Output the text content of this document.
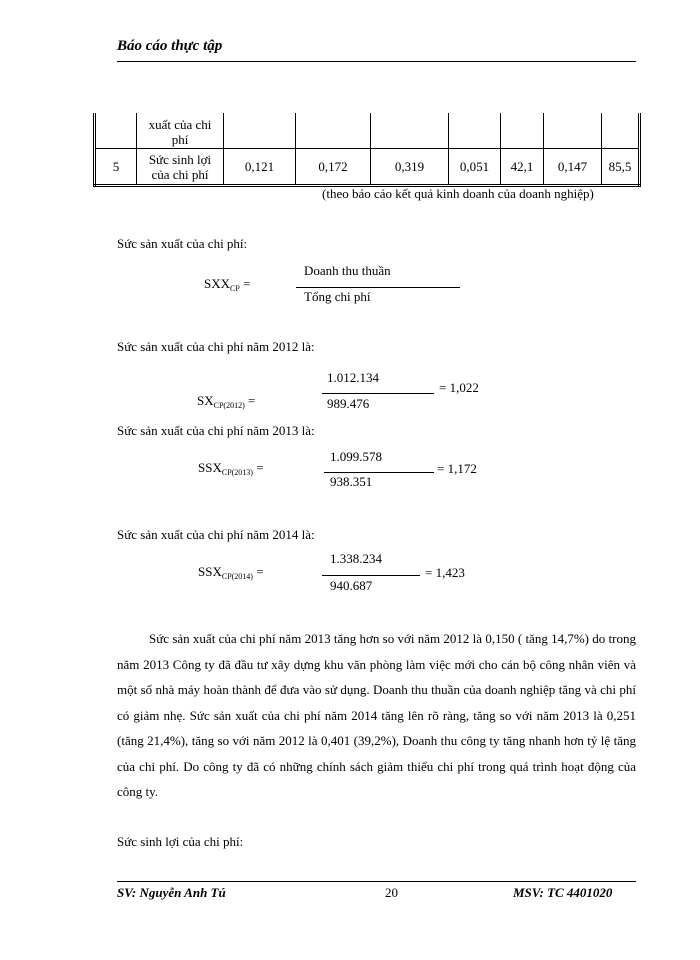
Báo cáo thực tập
	xuất của chi phí							
5	Sức sinh lợi của chi phí	0,121	0,172	0,319	0,051	42,1	0,147	85,5
(theo báo cáo kết quả kinh doanh của doanh nghiệp)
Sức sản xuất của chi phí:
$SXX_{CP}$ =
Doanh thu thuần
Tổng chi phí
Sức sản xuất của chi phí năm 2012 là:
1.012.134
= 1,022
$SX_{CP(2012)}$ =	989.476
Sức sản xuất của chi phí năm 2013 là:
1.099.578
= 1,172
$SSX_{CP(2013)}$ =
938.351
Sức sản xuất của chi phí năm 2014 là:
1.338.234
= 1,423
$SSX_{CP(2014)}$ =
940.687
Sức sản xuất của chi phí năm 2013 tăng hơn so với năm 2012 là 0,150 ( tăng 14,7%) do trong năm 2013 Công ty đã đầu tư xây dựng khu văn phòng làm việc mới cho cán bộ công nhân viên và một số nhà máy hoàn thành để đưa vào sử dụng. Doanh thu thuần của doanh nghiệp tăng và chi phí có giảm nhẹ. Sức sản xuất của chi phí năm 2014 tăng lên rõ ràng, tăng so với năm 2013 là 0,251 (tăng 21,4%), tăng so với năm 2012 là 0,401 (39,2%), Doanh thu công ty tăng nhanh hơn tỷ lệ tăng của chi phí. Do công ty đã có những chính sách giảm thiểu chi phí trong quá trình hoạt động của công ty.
Sức sinh lợi của chi phí:
SV: Nguyễn Anh Tú	20	MSV: TC 4401020
